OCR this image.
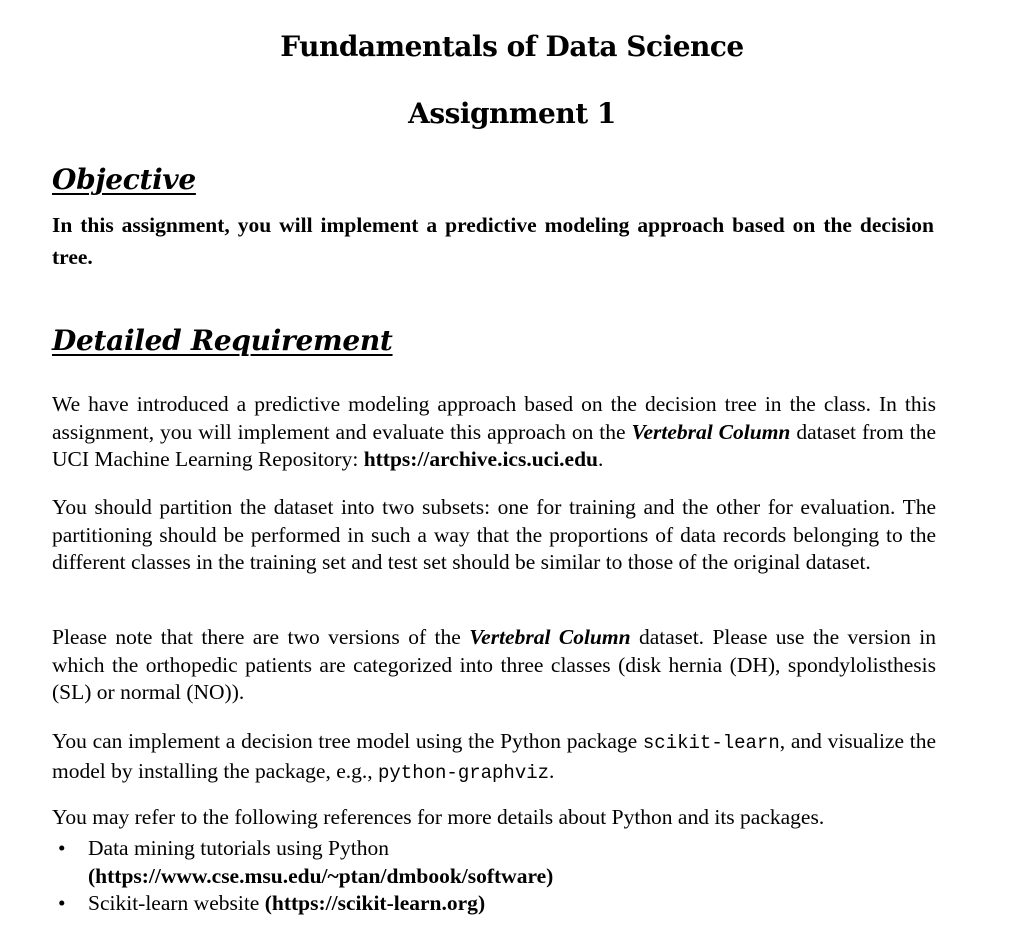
Fundamentals of Data Science
Assignment 1
Objective

In this assignment, you will implement a predictive modeling approach based on the decision tree.

Detailed Requirement

We have introduced a predictive modeling approach based on the decision tree in the class. In this assignment, you will implement and evaluate this approach on the Vertebral Column dataset from the UCI Machine Learning Repository: https://archive.ics.uci.edu.

You should partition the dataset into two subsets: one for training and the other for evaluation. The partitioning should be performed in such a way that the proportions of data records belonging to the different classes in the training set and test set should be similar to those of the original dataset.

Please note that there are two versions of the Vertebral Column dataset. Please use the version in which the orthopedic patients are categorized into three classes (disk hernia (DH), spondylolisthesis (SL) or normal (NO)).

You can implement a decision tree model using the Python package scikit-learn, and visualize the model by installing the package, e.g., python-graphviz.

You may refer to the following references for more details about Python and its packages.

•
Data mining tutorials using Python
(https://www.cse.msu.edu/~ptan/dmbook/software)
•
Scikit-learn website (https://scikit-learn.org)
